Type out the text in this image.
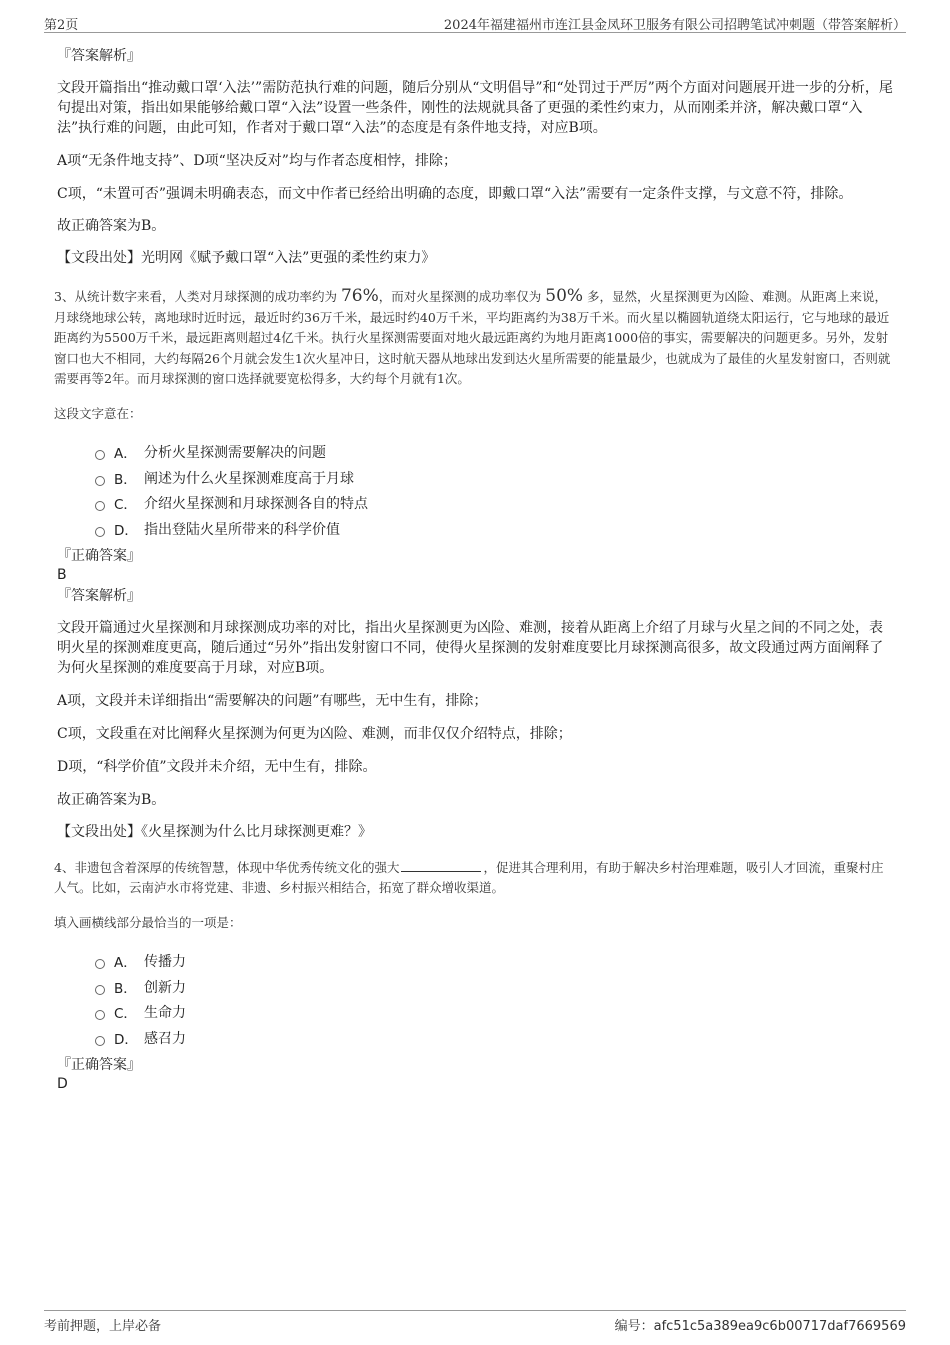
第2页	2024年福建福州市连江县金凤环卫服务有限公司招聘笔试冲刺题（带答案解析）

『答案解析』

文段开篇指出“推动戴口罩‘入法’”需防范执行难的问题，随后分别从“文明倡导”和“处罚过于严厉”两个方面对问题展开进一步的分析，尾句提出对策，指出如果能够给戴口罩“入法”设置一些条件，刚性的法规就具备了更强的柔性约束力，从而刚柔并济，解决戴口罩“入法”执行难的问题，由此可知，作者对于戴口罩“入法”的态度是有条件地支持，对应B项。

A项“无条件地支持”、D项“坚决反对”均与作者态度相悖，排除；

C项，“未置可否”强调未明确表态，而文中作者已经给出明确的态度，即戴口罩“入法”需要有一定条件支撑，与文意不符，排除。

故正确答案为B。

【文段出处】光明网《赋予戴口罩“入法”更强的柔性约束力》

3、从统计数字来看，人类对月球探测的成功率约为 76%，而对火星探测的成功率仅为 50% 多，显然，火星探测更为凶险、难测。从距离上来说，月球绕地球公转，离地球时近时远，最近时约36万千米，最远时约40万千米，平均距离约为38万千米。而火星以椭圆轨道绕太阳运行，它与地球的最近距离约为5500万千米，最远距离则超过4亿千米。执行火星探测需要面对地火最远距离约为地月距离1000倍的事实，需要解决的问题更多。另外，发射窗口也大不相同，大约每隔26个月就会发生1次火星冲日，这时航天器从地球出发到达火星所需要的能量最少，也就成为了最佳的火星发射窗口，否则就需要再等2年。而月球探测的窗口选择就要宽松得多，大约每个月就有1次。

这段文字意在：

A． 分析火星探测需要解决的问题
B． 阐述为什么火星探测难度高于月球
C． 介绍火星探测和月球探测各自的特点
D． 指出登陆火星所带来的科学价值

『正确答案』

B

『答案解析』

文段开篇通过火星探测和月球探测成功率的对比，指出火星探测更为凶险、难测，接着从距离上介绍了月球与火星之间的不同之处，表明火星的探测难度更高，随后通过“另外”指出发射窗口不同，使得火星探测的发射难度要比月球探测高很多，故文段通过两方面阐释了为何火星探测的难度要高于月球，对应B项。

A项，文段并未详细指出“需要解决的问题”有哪些，无中生有，排除；

C项，文段重在对比阐释火星探测为何更为凶险、难测，而非仅仅介绍特点，排除；

D项，“科学价值”文段并未介绍，无中生有，排除。

故正确答案为B。

【文段出处】《火星探测为什么比月球探测更难？》

4、非遗包含着深厚的传统智慧，体现中华优秀传统文化的强大	，促进其合理利用，有助于解决乡村治理难题，吸引人才回流，重聚村庄人气。比如，云南泸水市将党建、非遗、乡村振兴相结合，拓宽了群众增收渠道。

填入画横线部分最恰当的一项是：

A． 传播力
B． 创新力
C． 生命力
D． 感召力

『正确答案』

D

考前押题，上岸必备	编号：afc51c5a389ea9c6b00717daf7669569
